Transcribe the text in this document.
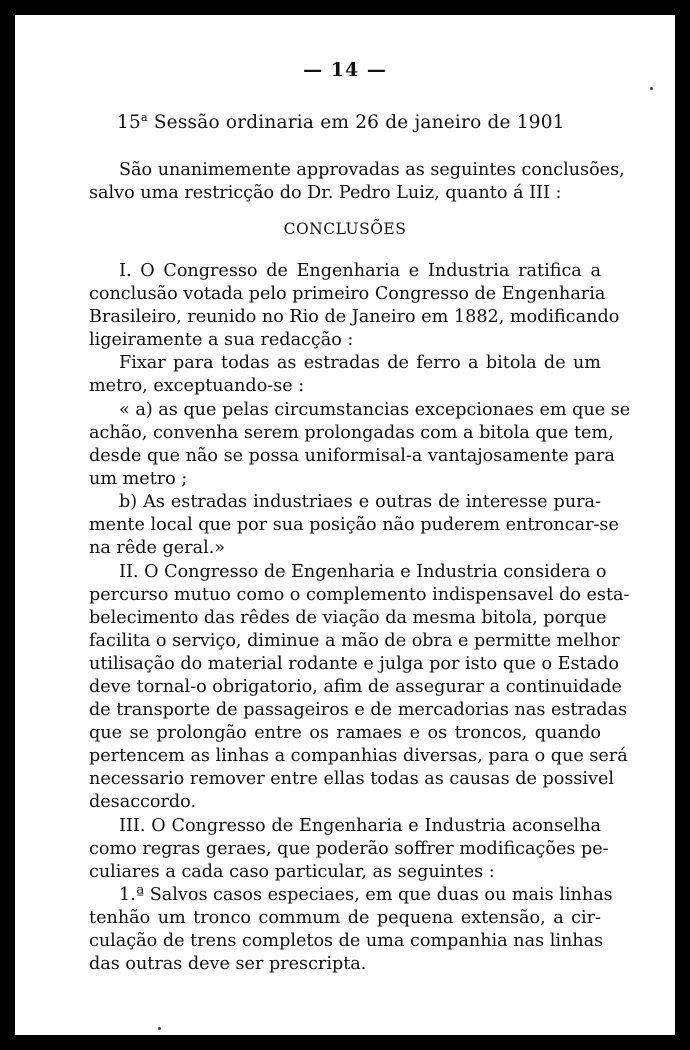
— 14 —
15$^a$ Sessão ordinaria em 26 de janeiro de 1901
São unanimemente approvadas as seguintes conclusões,
salvo uma restricção do Dr. Pedro Luiz, quanto á III :
CONCLUSÕES
I. O Congresso de Engenharia e Industria ratifica a
conclusão votada pelo primeiro Congresso de Engenharia
Brasileiro, reunido no Rio de Janeiro em 1882, modificando
ligeiramente a sua redacção :
Fixar para todas as estradas de ferro a bitola de um
metro, exceptuando-se :
« a) as que pelas circumstancias excepcionaes em que se
achão, convenha serem prolongadas com a bitola que tem,
desde que não se possa uniformisal-a vantajosamente para
um metro ;
b) As estradas industriaes e outras de interesse pura-
mente local que por sua posição não puderem entroncar-se
na rêde geral.»
II. O Congresso de Engenharia e Industria considera o
percurso mutuo como o complemento indispensavel do esta-
belecimento das rêdes de viação da mesma bitola, porque
facilita o serviço, diminue a mão de obra e permitte melhor
utilisação do material rodante e julga por isto que o Estado
deve tornal-o obrigatorio, afim de assegurar a continuidade
de transporte de passageiros e de mercadorias nas estradas
que se prolongão entre os ramaes e os troncos, quando
pertencem as linhas a companhias diversas, para o que será
necessario remover entre ellas todas as causas de possivel
desaccordo.
III. O Congresso de Engenharia e Industria aconselha
como regras geraes, que poderão soffrer modificações pe-
culiares a cada caso particular, as seguintes :
1.ª Salvos casos especiaes, em que duas ou mais linhas
tenhão um tronco commum de pequena extensão, a cir-
culação de trens completos de uma companhia nas linhas
das outras deve ser prescripta.
